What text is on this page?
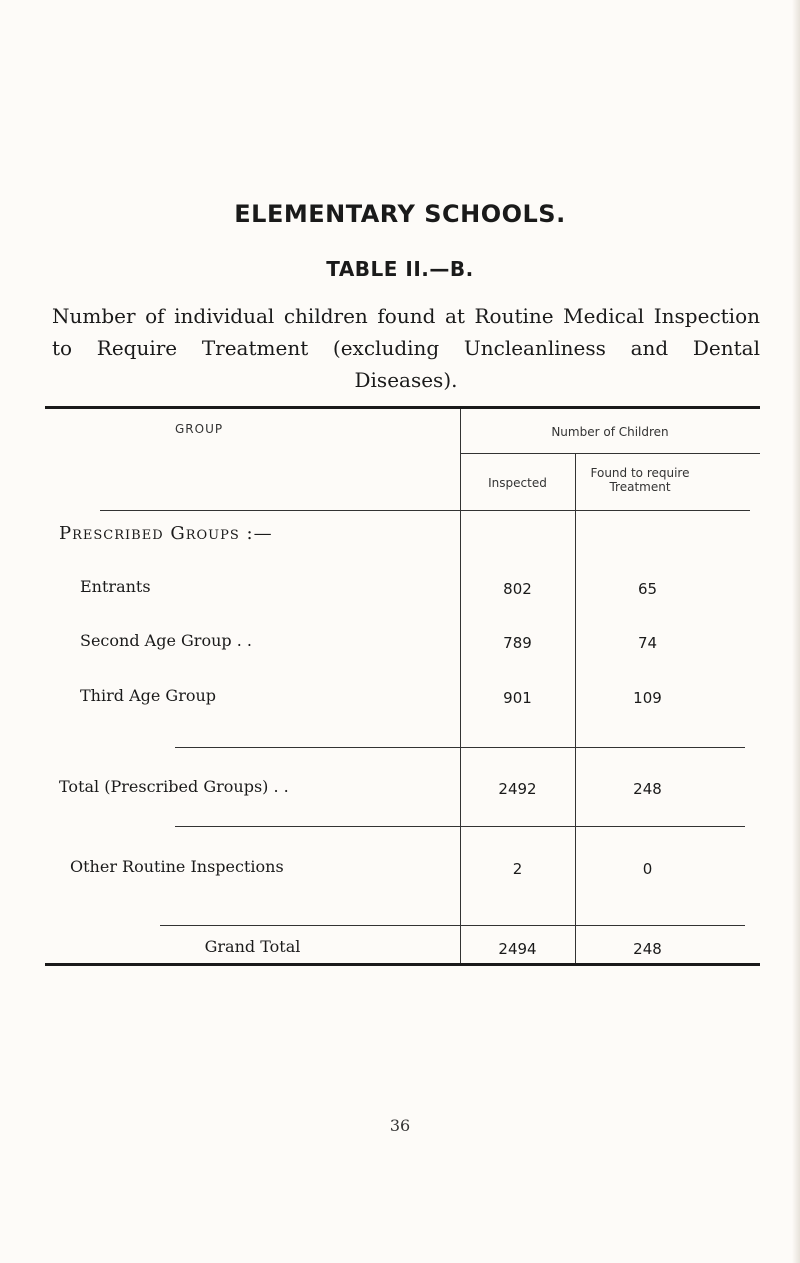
ELEMENTARY SCHOOLS.
TABLE II.—B.
Number of individual children found at Routine Medical Inspection
to Require Treatment (excluding Uncleanliness and Dental
Diseases).
GROUP	Number of Children
Inspected
Found to require Treatment
Prescribed Groups :—
Entrants	802	65
Second Age Group . .	789	74
Third Age Group	901	109
Total (Prescribed Groups) . .	2492	248
Other Routine Inspections	2	0
Grand Total	2494	248
36
